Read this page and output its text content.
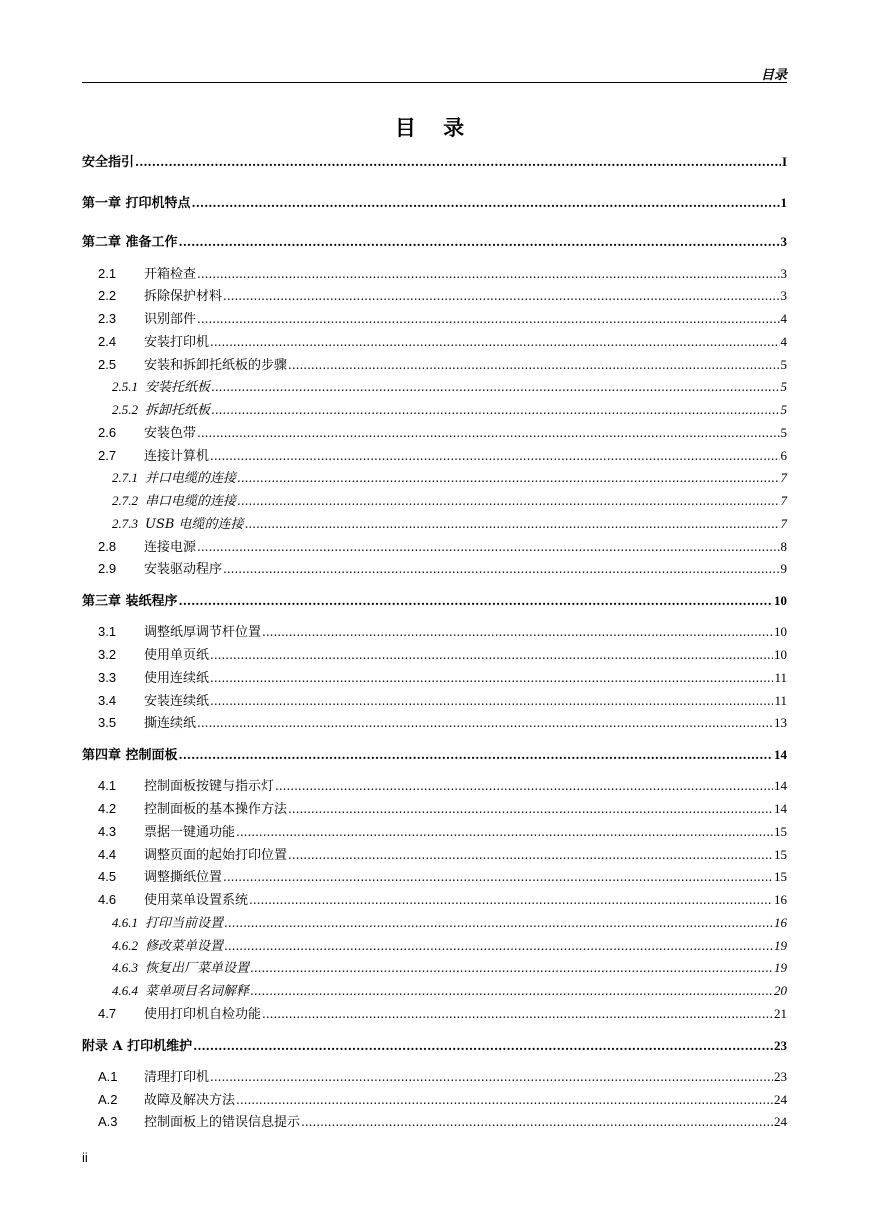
目录
目 录
安全指引 .....	I
第一章 打印机特点 .....	1
第二章 准备工作 .....	3
2.1 开箱检查 .....	3
2.2 拆除保护材料 .....	3
2.3 识别部件 .....	4
2.4 安装打印机 .....	4
2.5 安装和拆卸托纸板的步骤 .....	5
2.5.1 安装托纸板 .....	5
2.5.2 拆卸托纸板 .....	5
2.6 安装色带 .....	5
2.7 连接计算机 .....	6
2.7.1 并口电缆的连接 .....	7
2.7.2 串口电缆的连接 .....	7
2.7.3 USB 电缆的连接 .....	7
2.8 连接电源 .....	8
2.9 安装驱动程序 .....	9
第三章 装纸程序 .....	10
3.1 调整纸厚调节杆位置 .....	10
3.2 使用单页纸 .....	10
3.3 使用连续纸 .....	11
3.4 安装连续纸 .....	11
3.5 撕连续纸 .....	13
第四章 控制面板 .....	14
4.1 控制面板按键与指示灯 .....	14
4.2 控制面板的基本操作方法 .....	14
4.3 票据一键通功能 .....	15
4.4 调整页面的起始打印位置 .....	15
4.5 调整撕纸位置 .....	15
4.6 使用菜单设置系统 .....	16
4.6.1 打印当前设置 .....	16
4.6.2 修改菜单设置 .....	19
4.6.3 恢复出厂菜单设置 .....	19
4.6.4 菜单项目名词解释 .....	20
4.7 使用打印机自检功能 .....	21
附录 A 打印机维护 .....	23
A.1 清理打印机 .....	23
A.2 故障及解决方法 .....	24
A.3 控制面板上的错误信息提示 .....	24
ii
